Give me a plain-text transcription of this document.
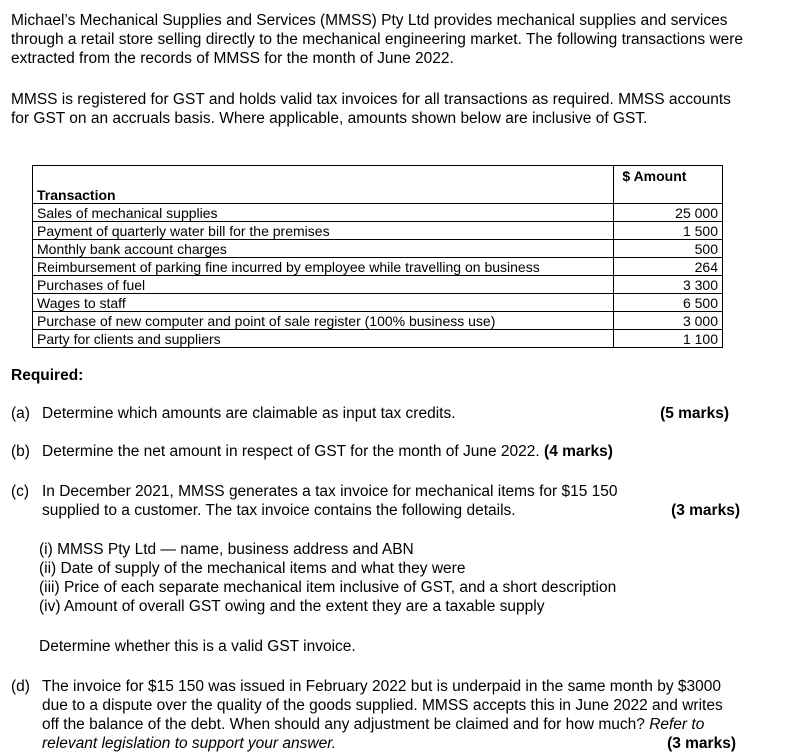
Michael’s Mechanical Supplies and Services (MMSS) Pty Ltd provides mechanical supplies and services through a retail store selling directly to the mechanical engineering market. The following transactions were extracted from the records of MMSS for the month of June 2022.
MMSS is registered for GST and holds valid tax invoices for all transactions as required. MMSS accounts for GST on an accruals basis. Where applicable, amounts shown below are inclusive of GST.
Transaction	$ Amount
Sales of mechanical supplies	25 000
Payment of quarterly water bill for the premises	1 500
Monthly bank account charges	500
Reimbursement of parking fine incurred by employee while travelling on business	264
Purchases of fuel	3 300
Wages to staff	6 500
Purchase of new computer and point of sale register (100% business use)	3 000
Party for clients and suppliers	1 100
Required:
(a) Determine which amounts are claimable as input tax credits.	(5 marks)
(b) Determine the net amount in respect of GST for the month of June 2022. (4 marks)
(c) In December 2021, MMSS generates a tax invoice for mechanical items for $15 150 supplied to a customer. The tax invoice contains the following details.	(3 marks)
(i) MMSS Pty Ltd — name, business address and ABN
(ii) Date of supply of the mechanical items and what they were
(iii) Price of each separate mechanical item inclusive of GST, and a short description
(iv) Amount of overall GST owing and the extent they are a taxable supply
Determine whether this is a valid GST invoice.
(d) The invoice for $15 150 was issued in February 2022 but is underpaid in the same month by $3000 due to a dispute over the quality of the goods supplied. MMSS accepts this in June 2022 and writes off the balance of the debt. When should any adjustment be claimed and for how much? Refer to relevant legislation to support your answer.	(3 marks)
